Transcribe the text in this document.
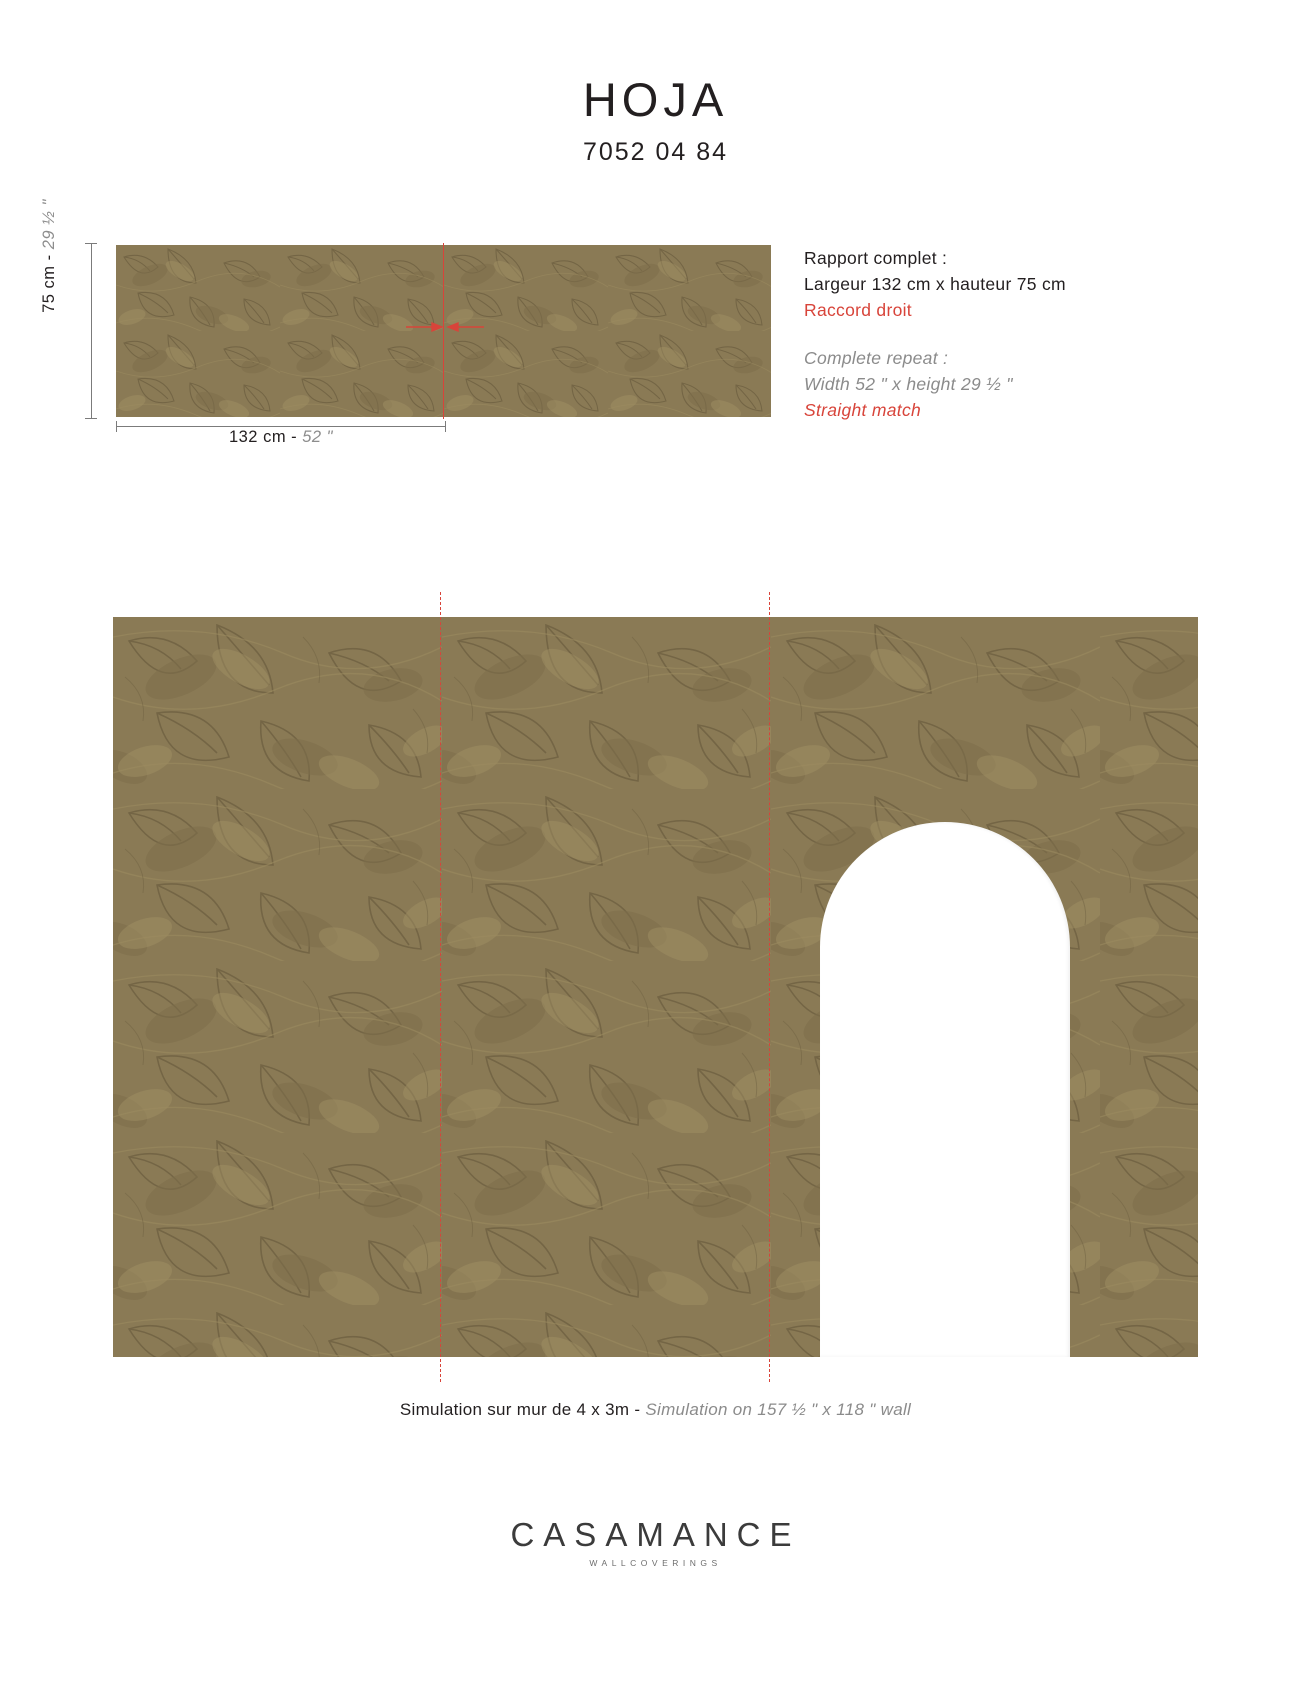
HOJA
7052 04 84
75 cm - 29 ½ "
132 cm - 52 "
Rapport complet :
Largeur 132 cm x hauteur 75 cm
Raccord droit
Complete repeat :
Width 52 " x height 29 ½ "
Straight match
Simulation sur mur de 4 x 3m - Simulation on 157 ½ " x 118 " wall
CASAMANCE
WALLCOVERINGS
